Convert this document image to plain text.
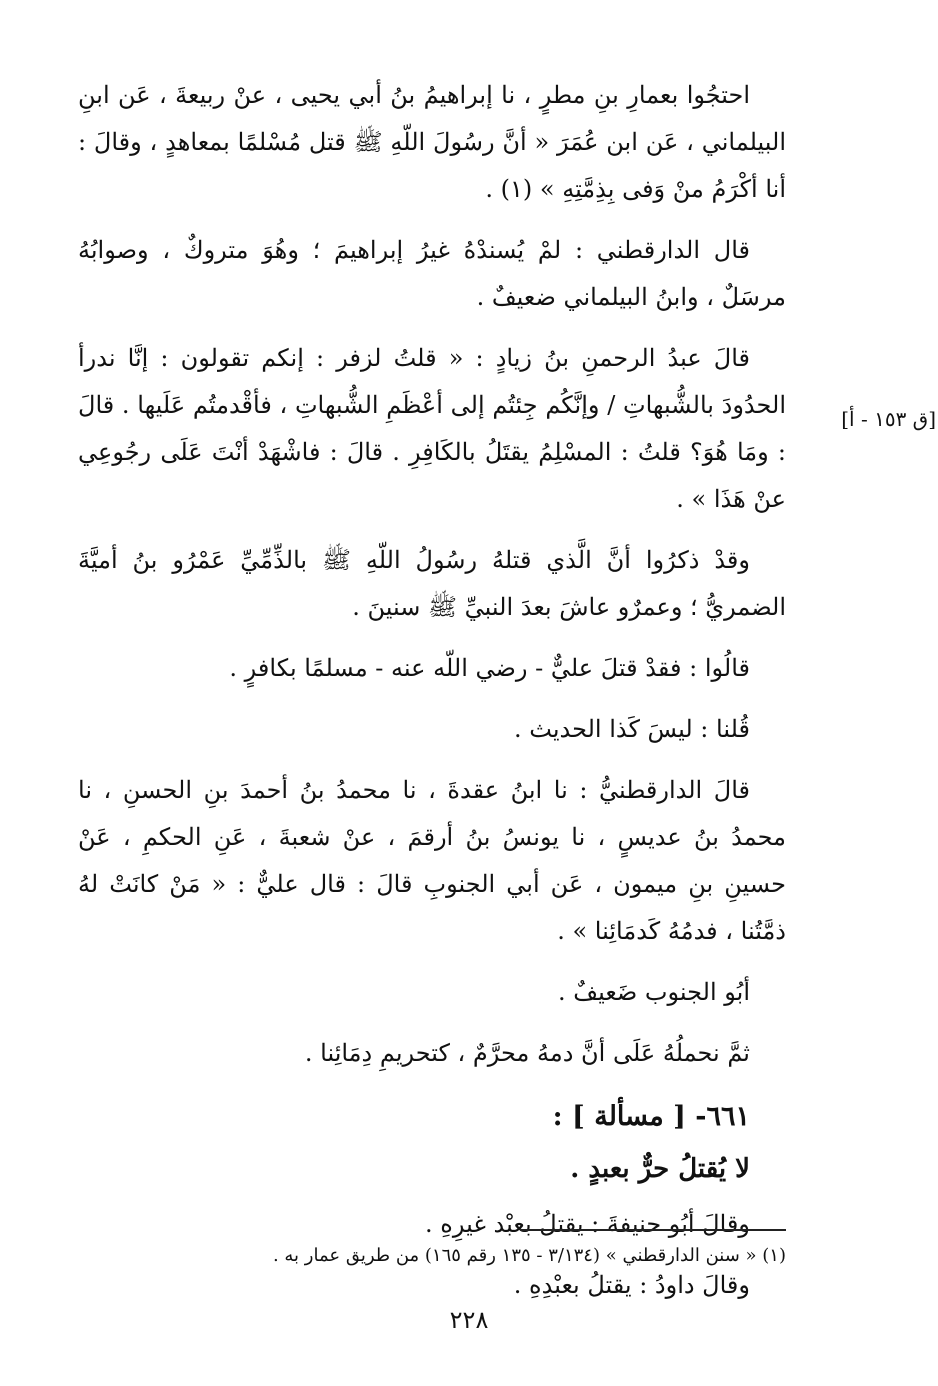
احتجُوا بعمارِ بنِ مطرٍ ، نا إبراهيمُ بنُ أبي يحيى ، عنْ ربيعةَ ، عَن ابنِ البيلماني ، عَن ابن عُمَرَ « أنَّ رسُولَ اللّهِ ﷺ قتل مُسْلمًا بمعاهدٍ ، وقالَ : أنا أكْرَمُ منْ وَفى بِذِمَّتِهِ » (١) .

قال الدارقطني : لمْ يُسندْهُ غيرُ إبراهيمَ ؛ وهُوَ متروكٌ ، وصوابُهُ مرسَلٌ ، وابنُ البيلماني ضعيفٌ .

قالَ عبدُ الرحمنِ بنُ زيادٍ : « قلتُ لزفر : إنكم تقولون : إنَّا ندرأ الحدُودَ بالشُّبهاتِ / وإنَّكُم جِئتُم إلى أعْظَمِ الشُّبهاتِ ، فأقْدمتُم عَلَيها . قالَ : ومَا هُوَ؟ قلتُ : المسْلِمُ يقتَلُ بالكَافِرِ . قالَ : فاشْهَدْ أنْتَ عَلَى رجُوعِي عنْ هَذَا » .

وقدْ ذكرُوا أنَّ الَّذي قتلهُ رسُولُ اللّهِ ﷺ بالذِّمِّيِّ عَمْرُو بنُ أميَّةَ الضمريُّ ؛ وعمرٌو عاشَ بعدَ النبيِّ ﷺ سنينَ .

قالُوا : فقدْ قتلَ عليٌّ - رضي اللّه عنه - مسلمًا بكافرٍ .

قُلنا : ليسَ كَذا الحديث .

قالَ الدارقطنيُّ : نا ابنُ عقدةَ ، نا محمدُ بنُ أحمدَ بنِ الحسنِ ، نا محمدُ بنُ عديسٍ ، نا يونسُ بنُ أرقمَ ، عنْ شعبةَ ، عَنِ الحكمِ ، عَنْ حسينِ بنِ ميمون ، عَن أبي الجنوبِ قالَ : قال عليٌّ : « مَنْ كانَتْ لهُ ذمَّتُنا ، فدمُهُ كَدمَائِنا » .

أبُو الجنوب ضَعيفٌ .

ثمَّ نحملُهُ عَلَى أنَّ دمهُ محرَّمٌ ، كتحريمِ دِمَائِنا .

٦٦١- [ مسألة ] :

لا يُقتلُ حرٌّ بعبدٍ .

وقالَ أبُو حنيفةَ : يقتلُ بعبْد غيرِهِ .

وقالَ داودُ : يقتلُ بعبْدِهِ .

[ق ١٥٣ - أ]
(١) « سنن الدارقطني » (٣/١٣٤ - ١٣٥ رقم ١٦٥) من طريق عمار به .
٢٢٨
